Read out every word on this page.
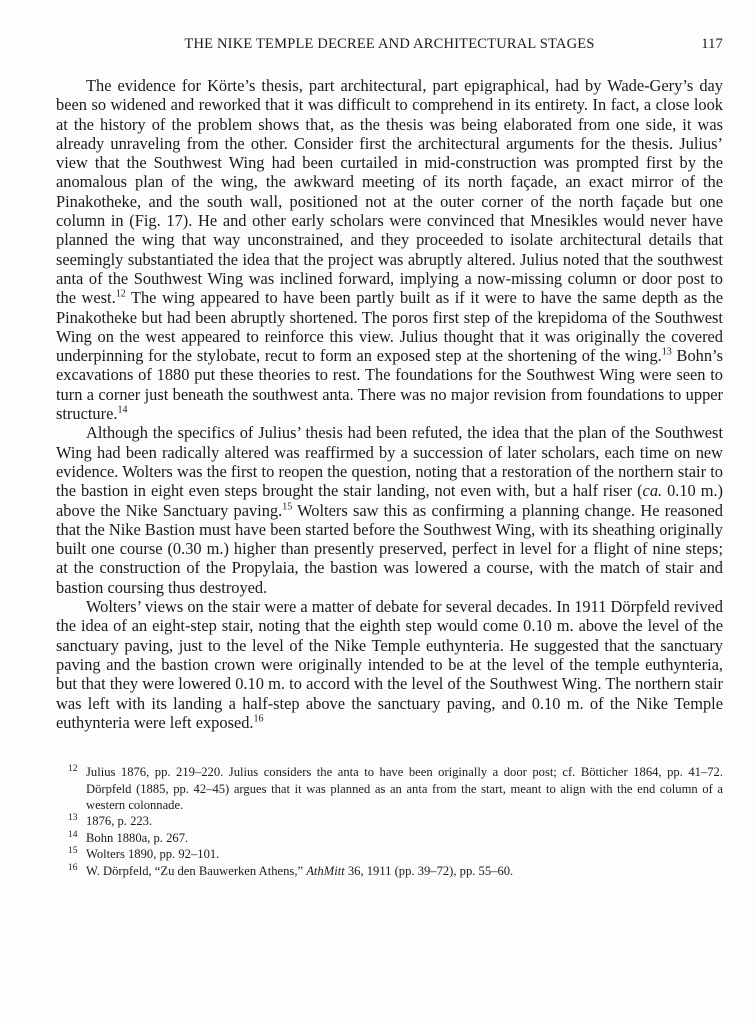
THE NIKE TEMPLE DECREE AND ARCHITECTURAL STAGES	117

The evidence for Körte’s thesis, part architectural, part epigraphical, had by Wade-Gery’s day been so widened and reworked that it was difficult to comprehend in its entirety. In fact, a close look at the history of the problem shows that, as the thesis was being elaborated from one side, it was already unraveling from the other. Consider first the architectural arguments for the thesis. Julius’ view that the Southwest Wing had been curtailed in mid-construction was prompted first by the anomalous plan of the wing, the awkward meeting of its north façade, an exact mirror of the Pinakotheke, and the south wall, positioned not at the outer corner of the north façade but one column in (Fig. 17). He and other early scholars were convinced that Mnesikles would never have planned the wing that way unconstrained, and they proceeded to isolate architectural details that seemingly substantiated the idea that the project was abruptly altered. Julius noted that the southwest anta of the Southwest Wing was inclined forward, implying a now-missing column or door post to the west.$^{12}$ The wing appeared to have been partly built as if it were to have the same depth as the Pinakotheke but had been abruptly shortened. The poros first step of the krepidoma of the Southwest Wing on the west appeared to reinforce this view. Julius thought that it was originally the covered underpinning for the stylobate, recut to form an exposed step at the shortening of the wing.$^{13}$ Bohn’s excavations of 1880 put these theories to rest. The foundations for the Southwest Wing were seen to turn a corner just beneath the southwest anta. There was no major revision from foundations to upper structure.$^{14}$

Although the specifics of Julius’ thesis had been refuted, the idea that the plan of the Southwest Wing had been radically altered was reaffirmed by a succession of later scholars, each time on new evidence. Wolters was the first to reopen the question, noting that a restoration of the northern stair to the bastion in eight even steps brought the stair landing, not even with, but a half riser (ca. 0.10 m.) above the Nike Sanctuary paving.$^{15}$ Wolters saw this as confirming a planning change. He reasoned that the Nike Bastion must have been started before the Southwest Wing, with its sheathing originally built one course (0.30 m.) higher than presently preserved, perfect in level for a flight of nine steps; at the construction of the Propylaia, the bastion was lowered a course, with the match of stair and bastion coursing thus destroyed.

Wolters’ views on the stair were a matter of debate for several decades. In 1911 Dörpfeld revived the idea of an eight-step stair, noting that the eighth step would come 0.10 m. above the level of the sanctuary paving, just to the level of the Nike Temple euthynteria. He suggested that the sanctuary paving and the bastion crown were originally intended to be at the level of the temple euthynteria, but that they were lowered 0.10 m. to accord with the level of the Southwest Wing. The northern stair was left with its landing a half-step above the sanctuary paving, and 0.10 m. of the Nike Temple euthynteria were left exposed.$^{16}$

12 Julius 1876, pp. 219–220. Julius considers the anta to have been originally a door post; cf. Bötticher 1864, pp. 41–72. Dörpfeld (1885, pp. 42–45) argues that it was planned as an anta from the start, meant to align with the end column of a western colonnade.
13 1876, p. 223.
14 Bohn 1880a, p. 267.
15 Wolters 1890, pp. 92–101.
16 W. Dörpfeld, “Zu den Bauwerken Athens,” AthMitt 36, 1911 (pp. 39–72), pp. 55–60.
